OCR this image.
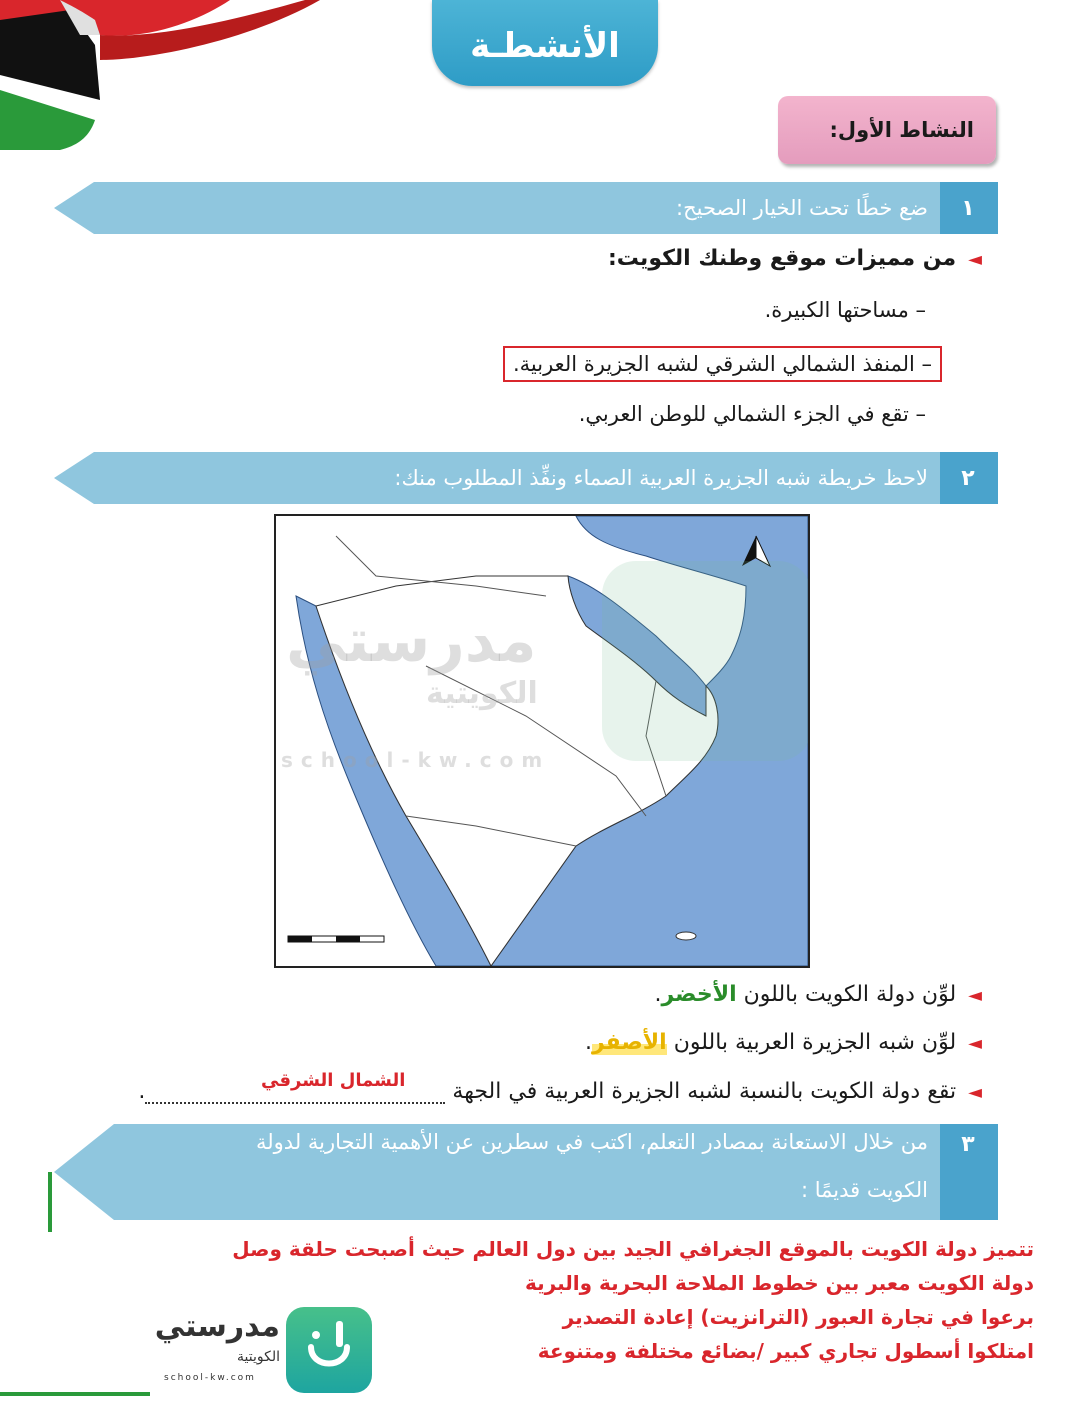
الأنشطـة
النشاط الأول:
١
ضع خطًا تحت الخيار الصحيح:
◄من مميزات موقع وطنك الكويت:
– مساحتها الكبيرة.
– المنفذ الشمالي الشرقي لشبه الجزيرة العربية.
– تقع في الجزء الشمالي للوطن العربي.
٢
لاحظ خريطة شبه الجزيرة العربية الصماء ونفِّذ المطلوب منك:
مدرستي
الكويتية
school-kw.com
◄لوِّن دولة الكويت باللون الأخضر.
◄لوِّن شبه الجزيرة العربية باللون الأصفر.
◄تقع دولة الكويت بالنسبة لشبه الجزيرة العربية في الجهة
الشمال الشرقي
.
٣
من خلال الاستعانة بمصادر التعلم، اكتب في سطرين عن الأهمية التجارية لدولة
الكويت قديمًا :
تتميز دولة الكويت بالموقع الجغرافي الجيد بين دول العالم حيث أصبحت حلقة وصل
دولة الكويت معبر بين خطوط الملاحة البحرية والبرية
برعوا في تجارة العبور (الترانزيت) إعادة التصدير
امتلكوا أسطول تجاري كبير /بضائع مختلفة ومتنوعة
مدرستي
الكويتية
school-kw.com
